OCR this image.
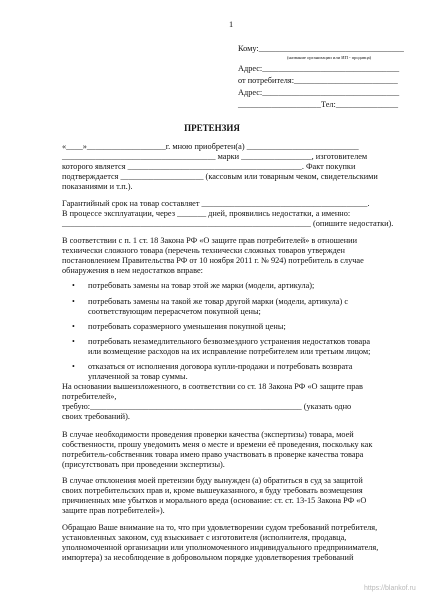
1
Кому:___________________________________
(название организации или ИП - продавца)
Адрес:_________________________________
от потребителя:_________________________
Адрес:_________________________________
____________________Тел:_______________
ПРЕТЕНЗИЯ
«____»___________________г. мною приобретен(а) ___________________________
_____________________________________ марки _________________, изготовителем
которого является __________________________________________. Факт покупки
подтверждается ____________________ (кассовым или товарным чеком, свидетельскими
показаниями и т.п.).
Гарантийный срок на товар составляет ________________________________________.
В процессе эксплуатации, через _______ дней, проявились недостатки, а именно:
____________________________________________________________ (опишите недостатки).
В соответствии с п. 1 ст. 18 Закона РФ «О защите прав потребителей» в отношении
технически сложного товара (перечень технически сложных товаров утвержден
постановлением Правительства РФ от 10 ноября 2011 г. № 924) потребитель в случае
обнаружения в нем недостатков вправе:
• потребовать замены на товар этой же марки (модели, артикула);
• потребовать замены на такой же товар другой марки (модели, артикула) с
соответствующим перерасчетом покупной цены;
• потребовать соразмерного уменьшения покупной цены;
• потребовать незамедлительного безвозмездного устранения недостатков товара
или возмещение расходов на их исправление потребителем или третьим лицом;
• отказаться от исполнения договора купли-продажи и потребовать возврата
уплаченной за товар суммы.
На основании вышеизложенного, в соответствии со ст. 18 Закона РФ «О защите прав
потребителей»,
требую:___________________________________________________ (указать одно
своих требований).
В случае необходимости проведения проверки качества (экспертизы) товара, моей
собственности, прошу уведомить меня о месте и времени её проведения, поскольку как
потребитель-собственник товара имею право участвовать в проверке качества товара
(присутствовать при проведении экспертизы).
В случае отклонения моей претензии буду вынужден (а) обратиться в суд за защитой
своих потребительских прав и, кроме вышеуказанного, я буду требовать возмещения
причиненных мне убытков и морального вреда (основание: ст. ст. 13-15 Закона РФ «О
защите прав потребителей»).
Обращаю Ваше внимание на то, что при удовлетворении судом требований потребителя,
установленных законом, суд взыскивает с изготовителя (исполнителя, продавца,
уполномоченной организации или уполномоченного индивидуального предпринимателя,
импортера) за несоблюдение в добровольном порядке удовлетворения требований
https://blankof.ru
